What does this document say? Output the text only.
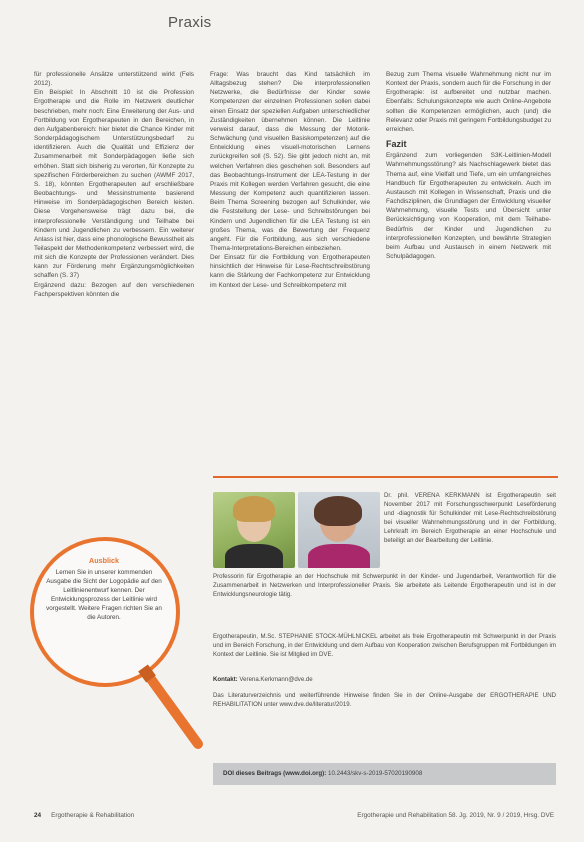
Praxis

für professionelle Ansätze unterstützend wirkt (Fels 2012).

Ein Beispiel: In Abschnitt 10 ist die Profession Ergotherapie und die Rolle im Netzwerk deutlicher beschrieben, mehr noch: Eine Erweiterung der Aus- und Fortbildung von Ergotherapeuten in den Bereichen, in den Aufgabenbereich: hier bietet die Chance Kinder mit Sonderpädagogischem Unterstützungsbedarf zu identifizieren. Auch die Qualität und Effizienz der Zusammenarbeit mit Sonderpädagogen ließe sich erhöhen. Statt sich bisherig zu verorten, für Konzepte zu spezifischen Förderbereichen zu suchen (AWMF 2017, S. 18), könnten Ergotherapeuten auf erschließbare Beobachtungs- und Messinstrumente basierend Hinweise im Sonderpädagogischen Bereich leisten. Diese Vorgehensweise trägt dazu bei, die interprofessionelle Verständigung und Teilhabe bei Kindern und Jugendlichen zu verbessern. Ein weiterer Anlass ist hier, dass eine phonologische Bewusstheit als Teilaspekt der Methodenkompetenz verbessert wird, die mit sich die Konzepte der Professionen verändert. Dies kann zur Förderung mehr Ergänzungsmöglichkeiten schaffen (S. 37)

Ergänzend dazu: Bezogen auf den verschiedenen Fachperspektiven könnten die

Frage: Was braucht das Kind tatsächlich im Alltagsbezug stehen? Die interprofessionellen Netzwerke, die Bedürfnisse der Kinder sowie Kompetenzen der einzelnen Professionen sollen dabei einen Einsatz der speziellen Aufgaben unterschiedlicher Zuständigkeiten übernehmen können. Die Leitlinie verweist darauf, dass die Messung der Motorik-Schwächung (und visuellen Basiskompetenzen) auf die Entwicklung eines visuell-motorischen Lernens zurückgreifen soll (S. 52). Sie gibt jedoch nicht an, mit welchen Verfahren dies geschehen soll. Besonders auf das Beobachtungs-Instrument der LEA-Testung in der Praxis mit Kollegen werden Verfahren gesucht, die eine Messung der Kompetenz auch quantifizieren lassen. Beim Thema Screening bezogen auf Schulkinder, wie die Feststellung der Lese- und Schreibstörungen bei Kindern und Jugendlichen für die LEA Testung ist ein großes Thema, was die Bewertung der Frequenz angeht. Für die Fortbildung, aus sich verschiedene Thema-Interpretations-Bereichen einbeziehen.

Der Einsatz für die Fortbildung von Ergotherapeuten hinsichtlich der Hinweise für Lese-Rechtschreibstörung kann die Stärkung der Fachkompetenz zur Entwicklung im Kontext der Lese- und Schreibkompetenz mit

Bezug zum Thema visuelle Wahrnehmung nicht nur im Kontext der Praxis, sondern auch für die Forschung in der Ergotherapie: ist aufbereitet und nutzbar machen. Ebenfalls: Schulungskonzepte wie auch Online-Angebote sollten die Kompetenzen ermöglichen, auch (und) die Relevanz oder Praxis mit geringem Fortbildungsbudget zu erreichen.

Fazit

Ergänzend zum vorliegenden S3K-Leitlinien-Modell Wahrnehmungsstörung? als Nachschlagewerk bietet das Thema auf, eine Vielfalt und Tiefe, um ein umfangreiches Handbuch für Ergotherapeuten zu entwickeln. Auch im Austausch mit Kollegen in Wissenschaft, Praxis und die Fachdisziplinen, die Grundlagen der Entwicklung visueller Wahrnehmung, visuelle Tests und Übersicht unter Berücksichtigung von Kooperation, mit dem Teilhabe-Bedürfnis der Kinder und Jugendlichen zu interprofessionellen Konzepten, und bewährte Strategien beim Aufbau und Austausch in einem Netzwerk mit Schulpädagogen.

Dr. phil. VERENA KERKMANN ist Ergotherapeutin seit November 2017 mit Forschungsschwerpunkt Leseförderung und -diagnostik für Schulkinder mit Lese-Rechtschreibstörung bei visueller Wahrnehmungsstörung und in der Fortbildung, Lehrkraft im Bereich Ergotherapie an einer Hochschule und beteiligt an der Bearbeitung der Leitlinie.
Professorin für Ergotherapie an der Hochschule mit Schwerpunkt in der Kinder- und Jugendarbeit, Verantwortlich für die Zusammenarbeit in Netzwerken und Interprofessioneller Praxis. Sie arbeitete als Leitende Ergotherapeutin und ist in der Entwicklungsneurologie tätig.
Ergotherapeutin, M.Sc. STEPHANIE STOCK-MÜHLNICKEL arbeitet als freie Ergotherapeutin mit Schwerpunkt in der Praxis und im Bereich Forschung, in der Entwicklung und dem Aufbau von Kooperation zwischen Berufsgruppen mit Fortbildungen im Kontext der Leitlinie. Sie ist Mitglied im DVE.
Kontakt: Verena.Kerkmann@dve.de
Das Literaturverzeichnis und weiterführende Hinweise finden Sie in der Online-Ausgabe der ERGOTHERAPIE UND REHABILITATION unter www.dve.de/literatur/2019.
DOI dieses Beitrags (www.doi.org): 10.2443/skv-s-2019-57020190908
Ausblick
Lernen Sie in unserer kommenden Ausgabe die Sicht der Logopädie auf den Leitlinienentwurf kennen. Der Entwicklungsprozess der Leitlinie wird vorgestellt. Weitere Fragen richten Sie an die Autoren.
24 Ergotherapie & Rehabilitation	Ergotherapie und Rehabilitation 58. Jg. 2019, Nr. 9 / 2019, Hrsg. DVE
